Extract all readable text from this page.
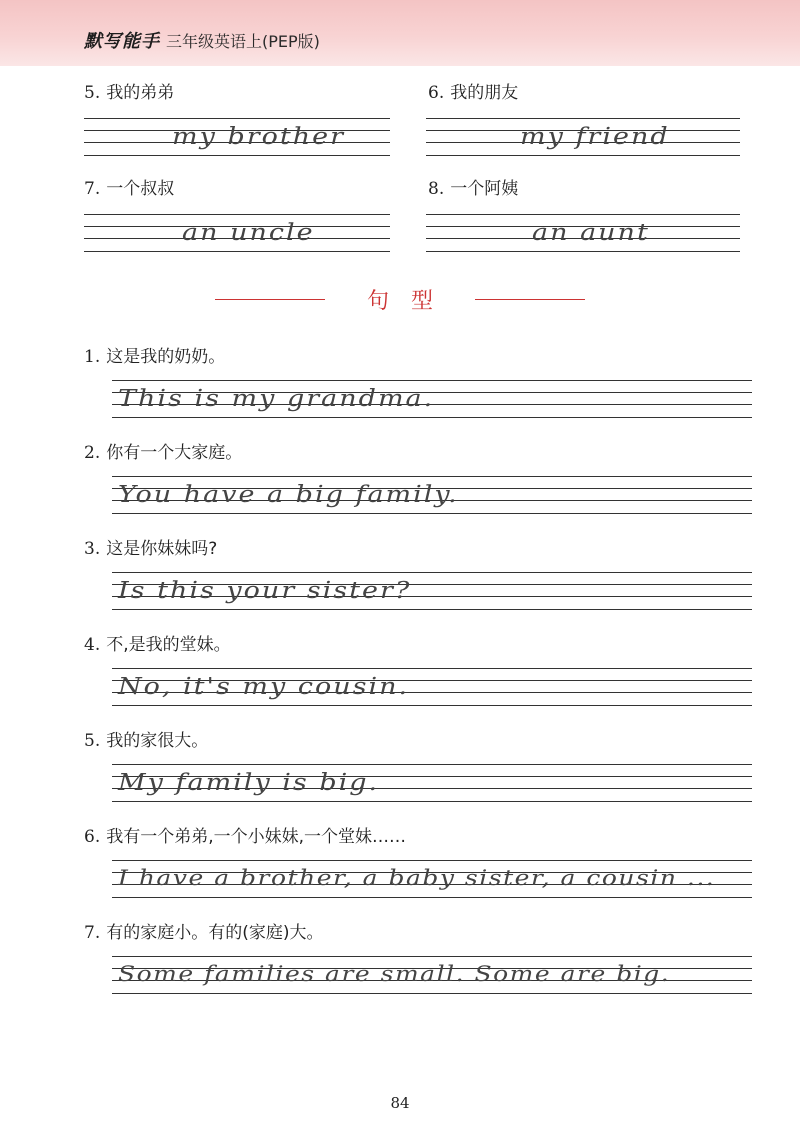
默写能手 三年级英语上(PEP版)
5. 我的弟弟
my brother
6. 我的朋友
my friend
7. 一个叔叔
an uncle
8. 一个阿姨
an aunt
句型
1. 这是我的奶奶。
This is my grandma.
2. 你有一个大家庭。
You have a big family.
3. 这是你妹妹吗?
Is this your sister?
4. 不,是我的堂妹。
No, it's my cousin.
5. 我的家很大。
My family is big.
6. 我有一个弟弟,一个小妹妹,一个堂妹……
I have a brother, a baby sister, a cousin ...
7. 有的家庭小。有的(家庭)大。
Some families are small. Some are big.
84
